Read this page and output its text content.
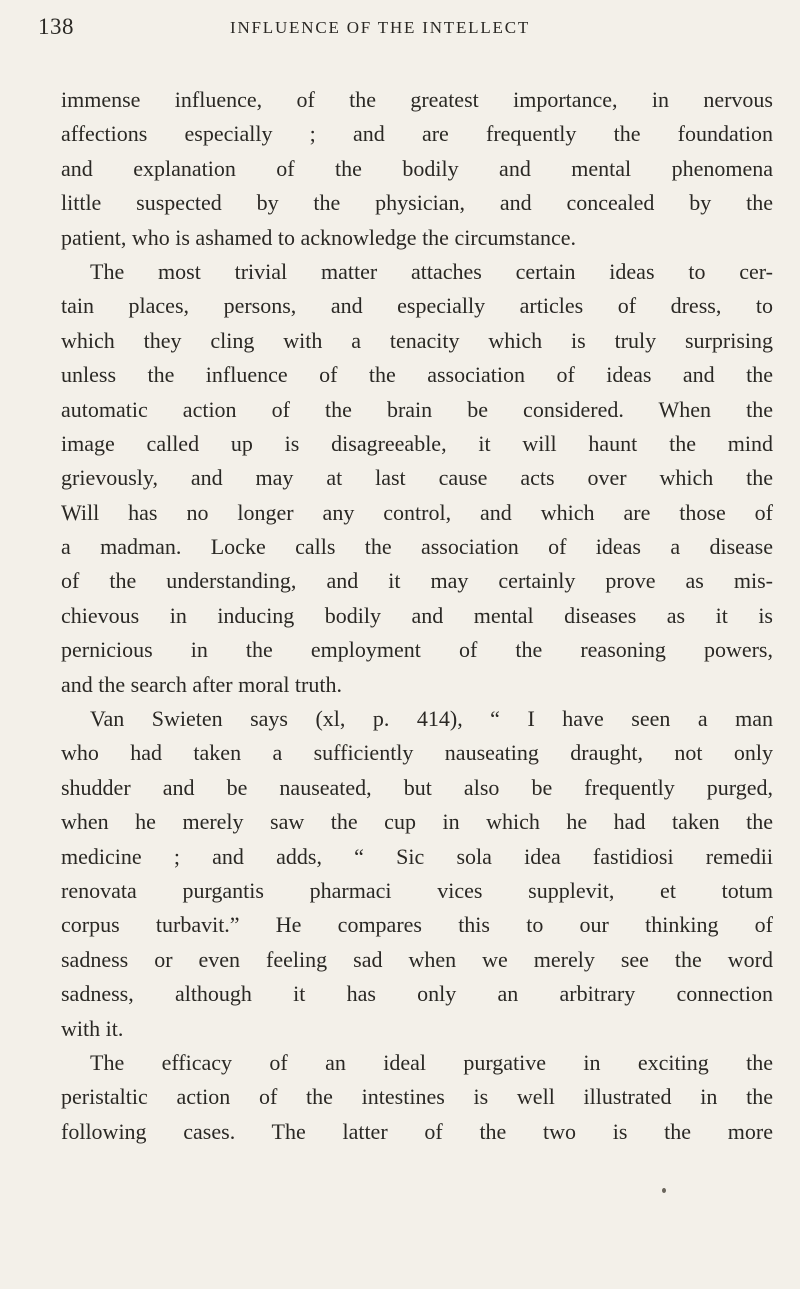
138	INFLUENCE OF THE INTELLECT
immense influence, of the greatest importance, in nervous
affections especially ; and are frequently the foundation
and explanation of the bodily and mental phenomena
little suspected by the physician, and concealed by the
patient, who is ashamed to acknowledge the circumstance.
The most trivial matter attaches certain ideas to cer-
tain places, persons, and especially articles of dress, to
which they cling with a tenacity which is truly surprising
unless the influence of the association of ideas and the
automatic action of the brain be considered. When the
image called up is disagreeable, it will haunt the mind
grievously, and may at last cause acts over which the
Will has no longer any control, and which are those of
a madman. Locke calls the association of ideas a disease
of the understanding, and it may certainly prove as mis-
chievous in inducing bodily and mental diseases as it is
pernicious in the employment of the reasoning powers,
and the search after moral truth.
Van Swieten says (xl, p. 414), “ I have seen a man
who had taken a sufficiently nauseating draught, not only
shudder and be nauseated, but also be frequently purged,
when he merely saw the cup in which he had taken the
medicine ; and adds, “ Sic sola idea fastidiosi remedii
renovata purgantis pharmaci vices supplevit, et totum
corpus turbavit.” He compares this to our thinking of
sadness or even feeling sad when we merely see the word
sadness, although it has only an arbitrary connection
with it.
The efficacy of an ideal purgative in exciting the
peristaltic action of the intestines is well illustrated in the
following cases. The latter of the two is the more
